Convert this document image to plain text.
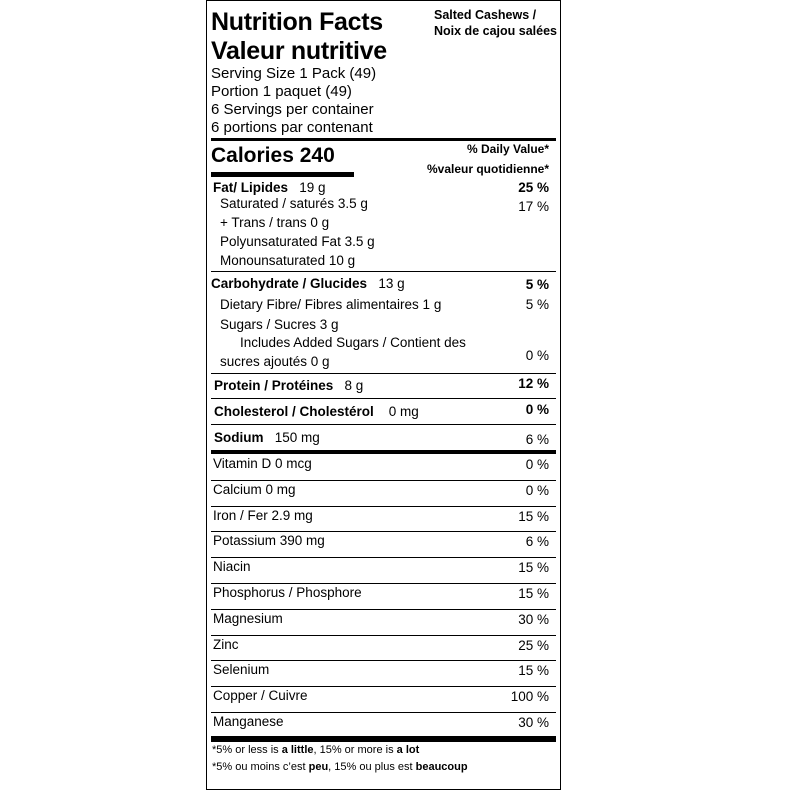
Nutrition Facts
Valeur nutritive
Salted Cashews /
Noix de cajou salées
Serving Size 1 Pack (49)
Portion 1 paquet (49)
6 Servings per container
6 portions par contenant
Calories 240	% Daily Value*
%valeur quotidienne*
Fat/ Lipides 19 g	25 %
Saturated / saturés 3.5 g	17 %
+ Trans / trans 0 g
Polyunsaturated Fat 3.5 g
Monounsaturated 10 g
Carbohydrate / Glucides 13 g	5 %
Dietary Fibre/ Fibres alimentaires 1 g	5 %
Sugars / Sucres 3 g
Includes Added Sugars / Contient des
sucres ajoutés 0 g	0 %
Protein / Protéines 8 g	12 %
Cholesterol / Cholestérol 0 mg	0 %
Sodium 150 mg	6 %
Vitamin D 0 mcg	0 %
Calcium 0 mg	0 %
Iron / Fer 2.9 mg	15 %
Potassium 390 mg	6 %
Niacin	15 %
Phosphorus / Phosphore	15 %
Magnesium	30 %
Zinc	25 %
Selenium	15 %
Copper / Cuivre	100 %
Manganese	30 %
*5% or less is a little, 15% or more is a lot
*5% ou moins c’est peu, 15% ou plus est beaucoup
